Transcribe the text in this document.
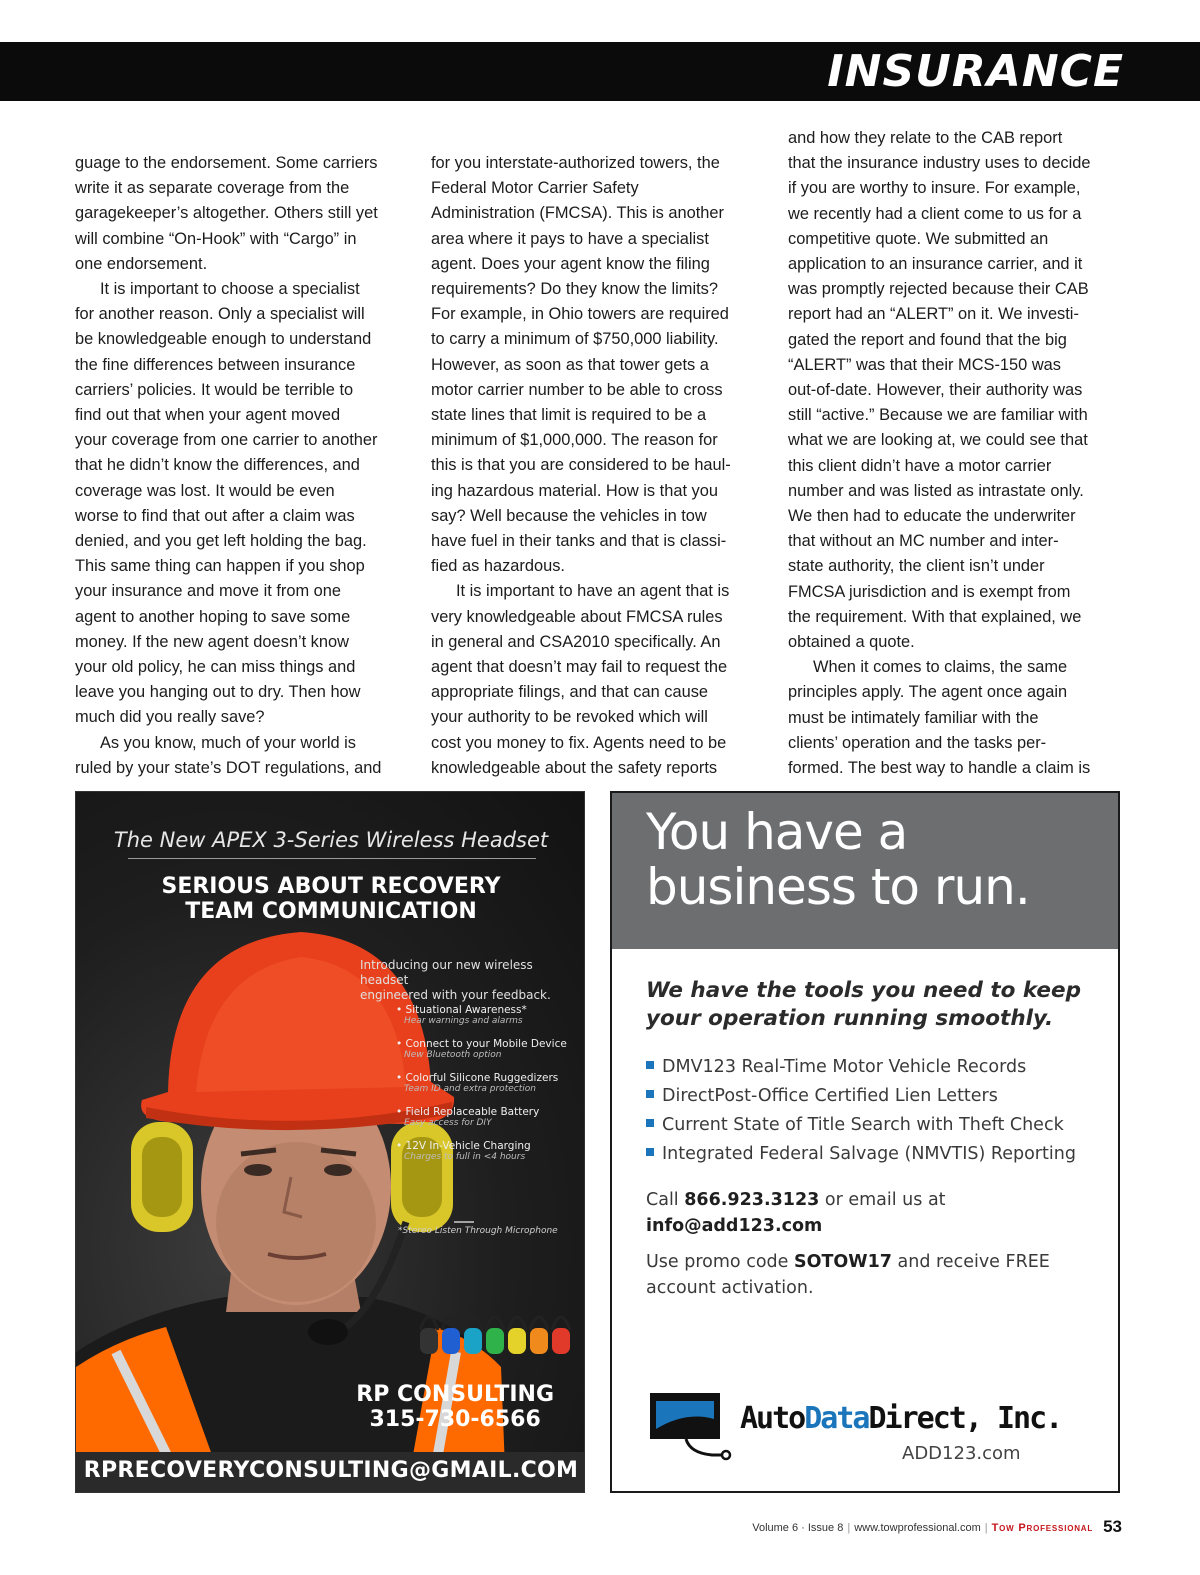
INSURANCE
guage to the endorsement. Some carriers
write it as separate coverage from the
garagekeeper’s altogether. Others still yet
will combine “On-Hook” with “Cargo” in
one endorsement.
It is important to choose a specialist
for another reason. Only a specialist will
be knowledgeable enough to understand
the fine differences between insurance
carriers’ policies. It would be terrible to
find out that when your agent moved
your coverage from one carrier to another
that he didn’t know the differences, and
coverage was lost. It would be even
worse to find that out after a claim was
denied, and you get left holding the bag.
This same thing can happen if you shop
your insurance and move it from one
agent to another hoping to save some
money. If the new agent doesn’t know
your old policy, he can miss things and
leave you hanging out to dry. Then how
much did you really save?
As you know, much of your world is
ruled by your state’s DOT regulations, and
for you interstate-authorized towers, the
Federal Motor Carrier Safety
Administration (FMCSA). This is another
area where it pays to have a specialist
agent. Does your agent know the filing
requirements? Do they know the limits?
For example, in Ohio towers are required
to carry a minimum of $750,000 liability.
However, as soon as that tower gets a
motor carrier number to be able to cross
state lines that limit is required to be a
minimum of $1,000,000. The reason for
this is that you are considered to be haul-
ing hazardous material. How is that you
say? Well because the vehicles in tow
have fuel in their tanks and that is classi-
fied as hazardous.
It is important to have an agent that is
very knowledgeable about FMCSA rules
in general and CSA2010 specifically. An
agent that doesn’t may fail to request the
appropriate filings, and that can cause
your authority to be revoked which will
cost you money to fix. Agents need to be
knowledgeable about the safety reports
and how they relate to the CAB report
that the insurance industry uses to decide
if you are worthy to insure. For example,
we recently had a client come to us for a
competitive quote. We submitted an
application to an insurance carrier, and it
was promptly rejected because their CAB
report had an “ALERT” on it. We investi-
gated the report and found that the big
“ALERT” was that their MCS-150 was
out-of-date. However, their authority was
still “active.” Because we are familiar with
what we are looking at, we could see that
this client didn’t have a motor carrier
number and was listed as intrastate only.
We then had to educate the underwriter
that without an MC number and inter-
state authority, the client isn’t under
FMCSA jurisdiction and is exempt from
the requirement. With that explained, we
obtained a quote.
When it comes to claims, the same
principles apply. The agent once again
must be intimately familiar with the
clients’ operation and the tasks per-
formed. The best way to handle a claim is
The New APEX 3-Series Wireless Headset
SERIOUS ABOUT RECOVERY
TEAM COMMUNICATION
Introducing our new wireless headset
engineered with your feedback.
• Situational Awareness*
Hear warnings and alarms
• Connect to your Mobile Device
New Bluetooth option
• Colorful Silicone Ruggedizers
Team ID and extra protection
• Field Replaceable Battery
Easy access for DIY
• 12V In-Vehicle Charging
Charges to full in <4 hours
*Stereo Listen Through Microphone
RP CONSULTING
315-730-6566
RPRECOVERYCONSULTING@GMAIL.COM
You have a
business to run.
We have the tools you need to keep
your operation running smoothly.
DMV123 Real-Time Motor Vehicle Records
DirectPost-Office Certified Lien Letters
Current State of Title Search with Theft Check
Integrated Federal Salvage (NMVTIS) Reporting
Call 866.923.3123 or email us at
info@add123.com
Use promo code SOTOW17 and receive FREE
account activation.
AutoDataDirect, Inc.
ADD123.com
Volume 6 · Issue 8 | www.towprofessional.com | Tow Professional 53
